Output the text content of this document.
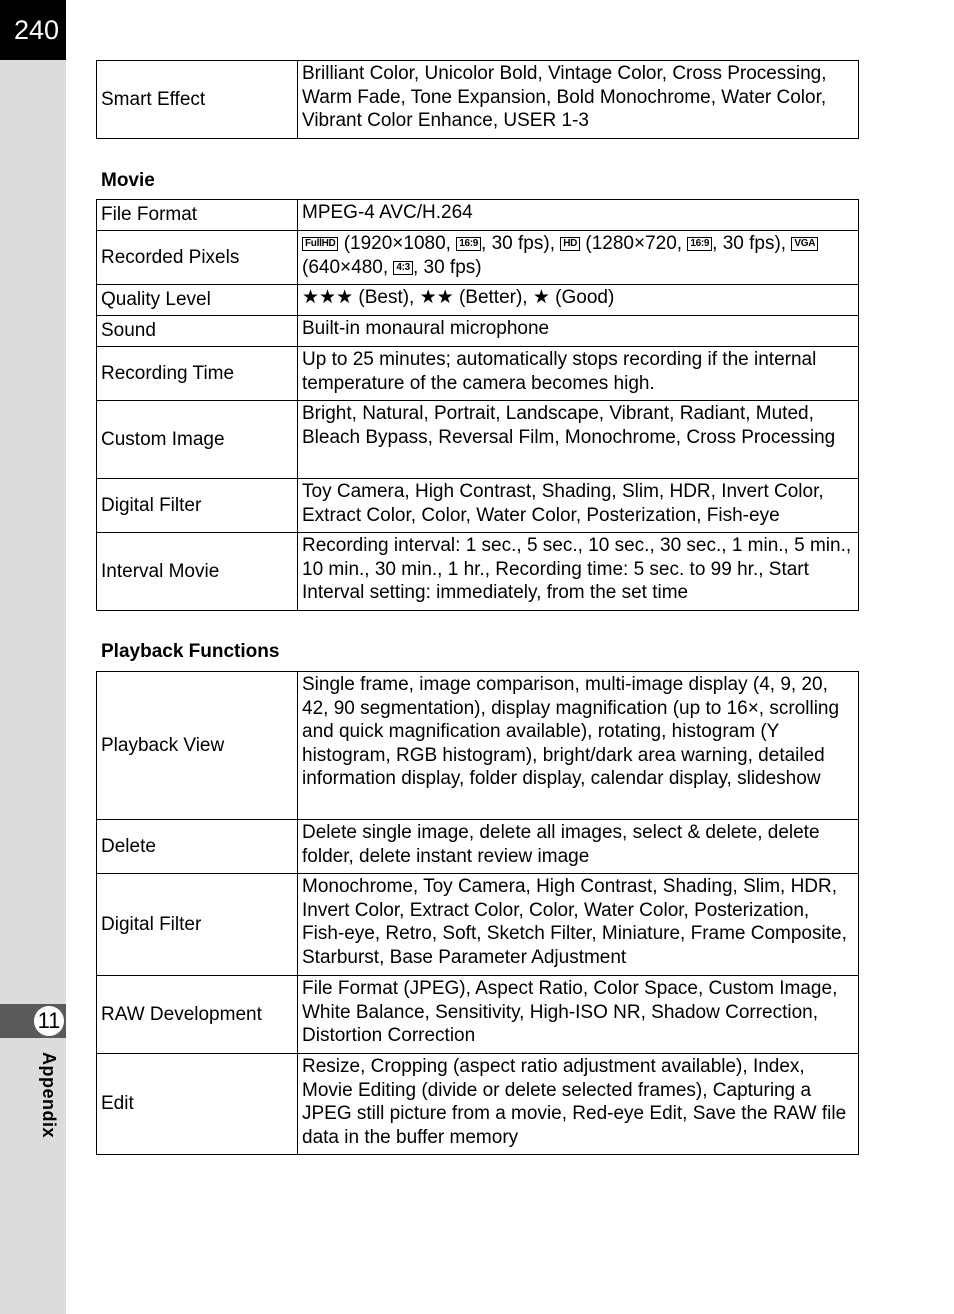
240
11
Appendix
Smart Effect	Brilliant Color, Unicolor Bold, Vintage Color, Cross Processing, Warm Fade, Tone Expansion, Bold Monochrome, Water Color, Vibrant Color Enhance, USER 1-3
Movie
File Format	MPEG-4 AVC/H.264
Recorded Pixels	FullHD (1920×1080, 16:9 , 30 fps), HD (1280×720, 16:9 , 30 fps), VGA (640×480, 4:3 , 30 fps)
Quality Level	★★★ (Best), ★★ (Better), ★ (Good)
Sound	Built-in monaural microphone
Recording Time	Up to 25 minutes; automatically stops recording if the internal temperature of the camera becomes high.
Custom Image	Bright, Natural, Portrait, Landscape, Vibrant, Radiant, Muted, Bleach Bypass, Reversal Film, Monochrome, Cross Processing
Digital Filter	Toy Camera, High Contrast, Shading, Slim, HDR, Invert Color, Extract Color, Color, Water Color, Posterization, Fish-eye
Interval Movie	Recording interval: 1 sec., 5 sec., 10 sec., 30 sec., 1 min., 5 min., 10 min., 30 min., 1 hr., Recording time: 5 sec. to 99 hr., Start Interval setting: immediately, from the set time
Playback Functions
Playback View	Single frame, image comparison, multi-image display (4, 9, 20, 42, 90 segmentation), display magnification (up to 16×, scrolling and quick magnification available), rotating, histogram (Y histogram, RGB histogram), bright/dark area warning, detailed information display, folder display, calendar display, slideshow
Delete	Delete single image, delete all images, select & delete, delete folder, delete instant review image
Digital Filter	Monochrome, Toy Camera, High Contrast, Shading, Slim, HDR, Invert Color, Extract Color, Color, Water Color, Posterization, Fish-eye, Retro, Soft, Sketch Filter, Miniature, Frame Composite, Starburst, Base Parameter Adjustment
RAW Development	File Format (JPEG), Aspect Ratio, Color Space, Custom Image, White Balance, Sensitivity, High-ISO NR, Shadow Correction, Distortion Correction
Edit	Resize, Cropping (aspect ratio adjustment available), Index, Movie Editing (divide or delete selected frames), Capturing a JPEG still picture from a movie, Red-eye Edit, Save the RAW file data in the buffer memory
